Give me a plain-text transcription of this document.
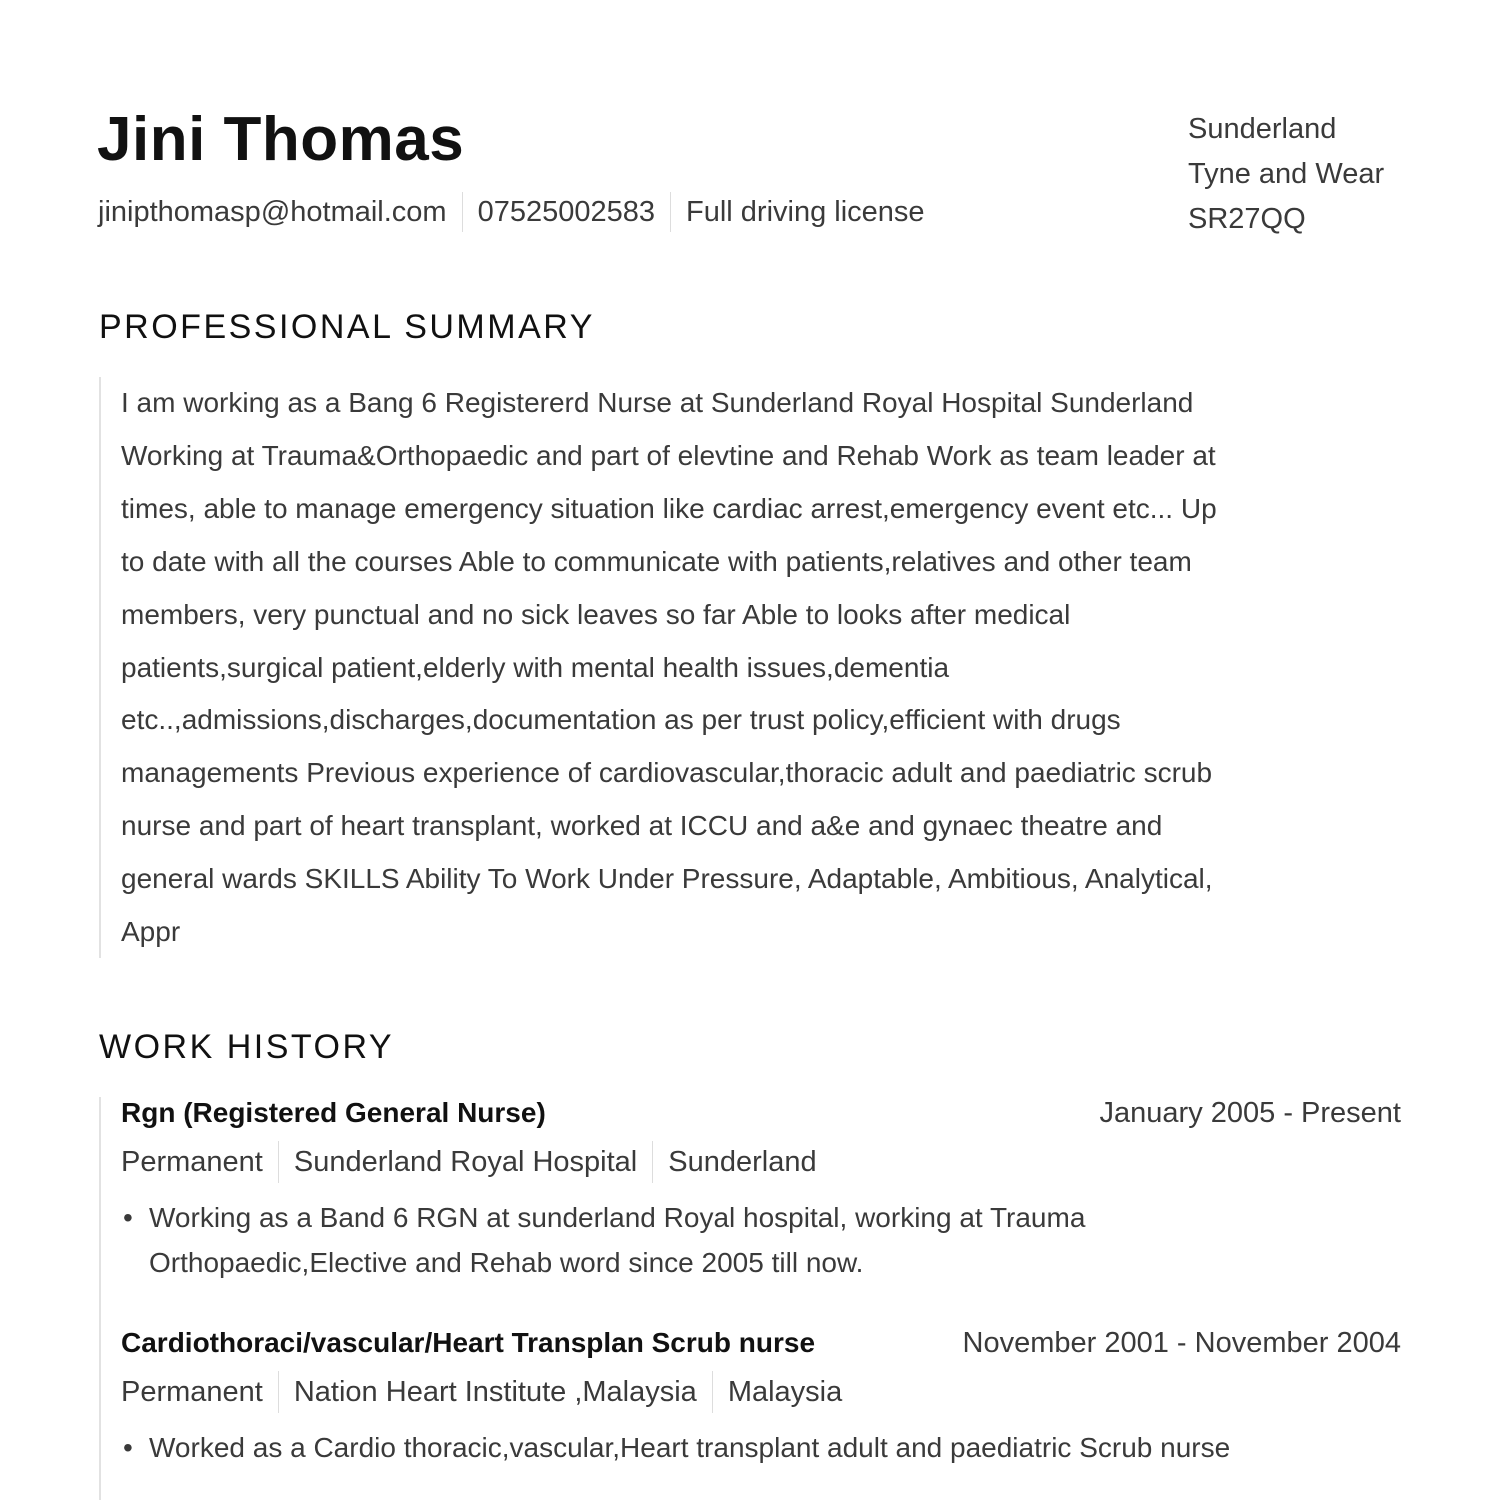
Jini Thomas
jinipthomasp@hotmail.com 07525002583 Full driving license
Sunderland
Tyne and Wear
SR27QQ
PROFESSIONAL SUMMARY
I am working as a Bang 6 Registererd Nurse at Sunderland Royal Hospital Sunderland
Working at Trauma&Orthopaedic and part of elevtine and Rehab Work as team leader at
times, able to manage emergency situation like cardiac arrest,emergency event etc... Up
to date with all the courses Able to communicate with patients,relatives and other team
members, very punctual and no sick leaves so far Able to looks after medical
patients,surgical patient,elderly with mental health issues,dementia
etc..,admissions,discharges,documentation as per trust policy,efficient with drugs
managements Previous experience of cardiovascular,thoracic adult and paediatric scrub
nurse and part of heart transplant, worked at ICCU and a&e and gynaec theatre and
general wards SKILLS Ability To Work Under Pressure, Adaptable, Ambitious, Analytical,
Appr
WORK HISTORY
Rgn (Registered General Nurse)	January 2005 - Present
Permanent Sunderland Royal Hospital Sunderland
• Working as a Band 6 RGN at sunderland Royal hospital, working at Trauma
Orthopaedic,Elective and Rehab word since 2005 till now.
Cardiothoraci/vascular/Heart Transplan Scrub nurse	November 2001 - November 2004
Permanent Nation Heart Institute ,Malaysia Malaysia
• Worked as a Cardio thoracic,vascular,Heart transplant adult and paediatric Scrub nurse
